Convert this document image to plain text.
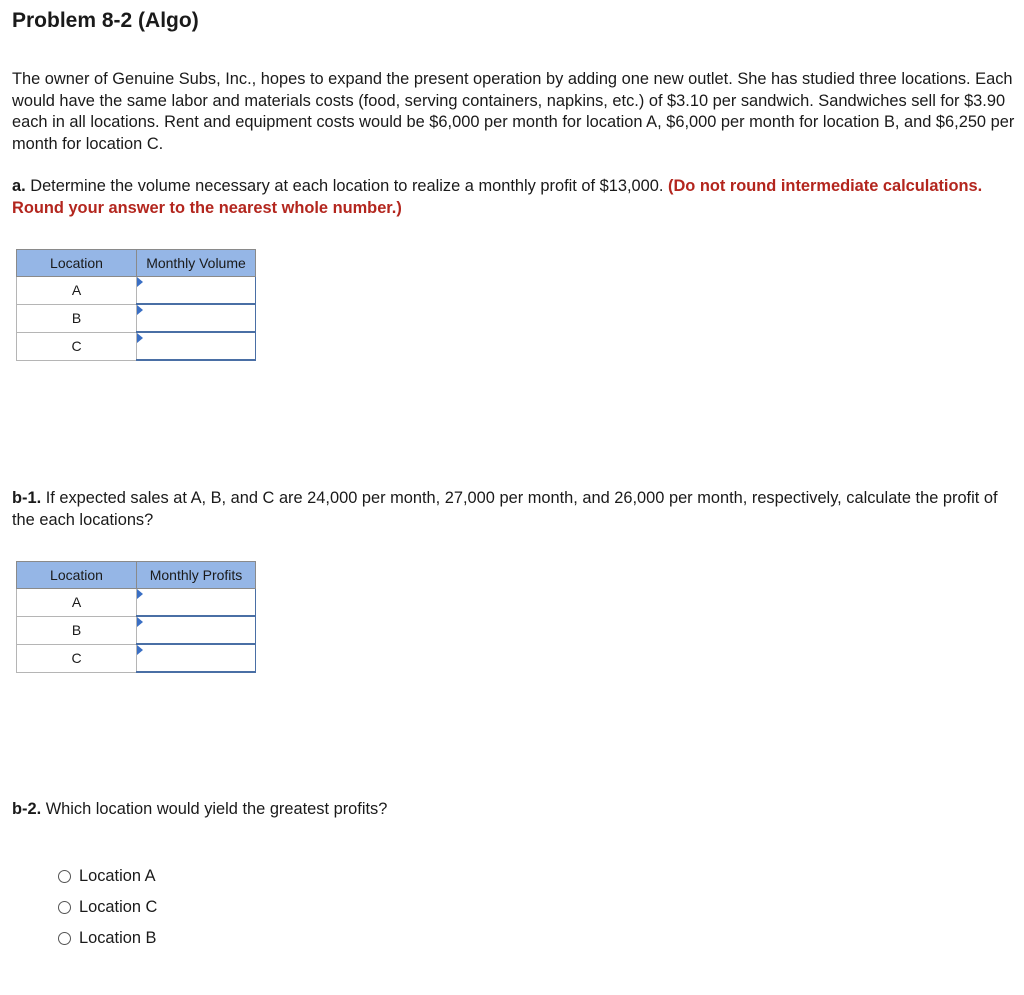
Problem 8-2 (Algo)

The owner of Genuine Subs, Inc., hopes to expand the present operation by adding one new outlet. She has studied three locations. Each would have the same labor and materials costs (food, serving containers, napkins, etc.) of $3.10 per sandwich. Sandwiches sell for $3.90 each in all locations. Rent and equipment costs would be $6,000 per month for location A, $6,000 per month for location B, and $6,250 per month for location C.

a. Determine the volume necessary at each location to realize a monthly profit of $13,000. (Do not round intermediate calculations. Round your answer to the nearest whole number.)

Location	Monthly Volume
A	

B	

C	

b-1. If expected sales at A, B, and C are 24,000 per month, 27,000 per month, and 26,000 per month, respectively, calculate the profit of the each locations?

Location	Monthly Profits
A	

B	

C	

b-2. Which location would yield the greatest profits?

Location A
Location C
Location B
